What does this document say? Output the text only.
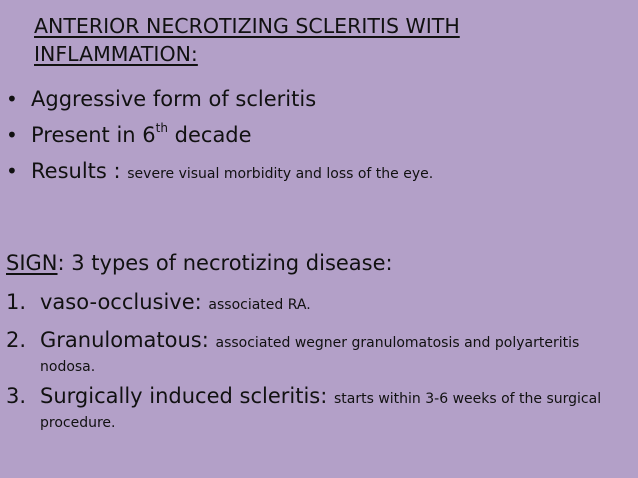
ANTERIOR NECROTIZING SCLERITIS WITH
INFLAMMATION:
• Aggressive form of scleritis
• Present in 6th decade
• Results : severe visual morbidity and loss of the eye.
SIGN: 3 types of necrotizing disease:
1. vaso-occlusive: associated RA.
2. Granulomatous: associated wegner granulomatosis and polyarteritis
nodosa.
3. Surgically induced scleritis: starts within 3-6 weeks of the surgical
procedure.
